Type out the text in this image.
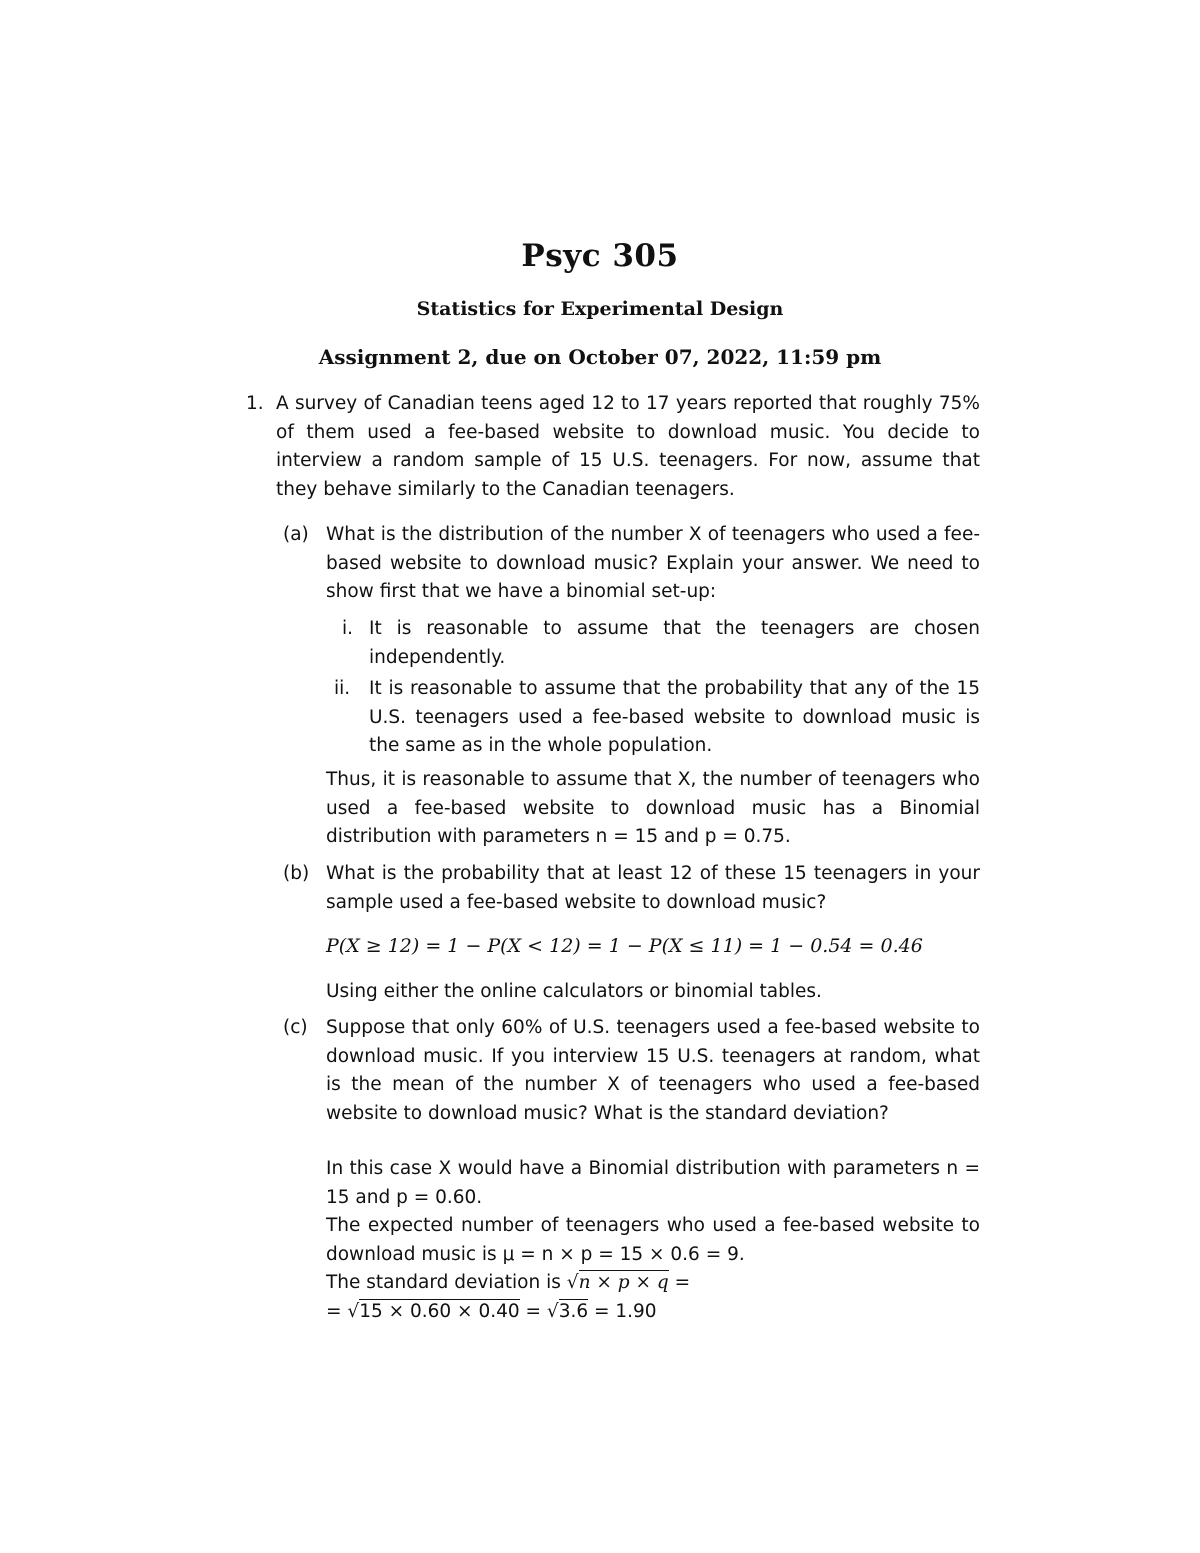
Psyc 305
Statistics for Experimental Design
Assignment 2, due on October 07, 2022, 11:59 pm
1. A survey of Canadian teens aged 12 to 17 years reported that roughly 75% of them used a fee-based website to download music. You decide to interview a random sample of 15 U.S. teenagers. For now, assume that they behave similarly to the Canadian teenagers.

(a) What is the distribution of the number X of teenagers who used a fee-based website to download music? Explain your answer. We need to show first that we have a binomial set-up:

i. It is reasonable to assume that the teenagers are chosen independently.

ii. It is reasonable to assume that the probability that any of the 15 U.S. teenagers used a fee-based website to download music is the same as in the whole population.

Thus, it is reasonable to assume that X, the number of teenagers who used a fee-based website to download music has a Binomial distribution with parameters n = 15 and p = 0.75.

(b) What is the probability that at least 12 of these 15 teenagers in your sample used a fee-based website to download music?

P(X ≥ 12) = 1 − P(X < 12) = 1 − P(X ≤ 11) = 1 − 0.54 = 0.46

Using either the online calculators or binomial tables.

(c) Suppose that only 60% of U.S. teenagers used a fee-based website to download music. If you interview 15 U.S. teenagers at random, what is the mean of the number X of teenagers who used a fee-based website to download music? What is the standard deviation?

In this case X would have a Binomial distribution with parameters n = 15 and p = 0.60.

The expected number of teenagers who used a fee-based website to download music is μ = n × p = 15 × 0.6 = 9.

The standard deviation is √n × p × q =
= √15 × 0.60 × 0.40 = √3.6 = 1.90
